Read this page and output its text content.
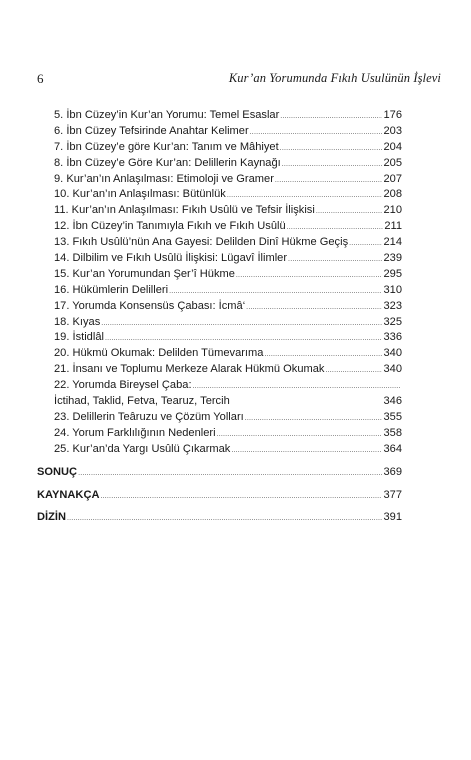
6	Kur’an Yorumunda Fıkıh Usulünün İşlevi
5. İbn Cüzey’in Kur’an Yorumu: Temel Esaslar .....	176
6. İbn Cüzey Tefsirinde Anahtar Kelimer .....	203
7. İbn Cüzey’e göre Kur’an: Tanım ve Mâhiyet .....	204
8. İbn Cüzey’e Göre Kur’an: Delillerin Kaynağı .....	205
9. Kur’an’ın Anlaşılması: Etimoloji ve Gramer .....	207
10. Kur’an’ın Anlaşılması: Bütünlük .....	208
11. Kur’an’ın Anlaşılması: Fıkıh Usûlü ve Tefsir İlişkisi .....	210
12. İbn Cüzey’in Tanımıyla Fıkıh ve Fıkıh Usûlü .....	211
13. Fıkıh Usûlü’nün Ana Gayesi: Delilden Dinî Hükme Geçiş .....	214
14. Dilbilim ve Fıkıh Usûlü İlişkisi: Lügavî İlimler .....	239
15. Kur’an Yorumundan Şer’î Hükme .....	295
16. Hükümlerin Delilleri .....	310
17. Yorumda Konsensüs Çabası: İcmâ‘ .....	323
18. Kıyas .....	325
19. İstidlâl .....	336
20. Hükmü Okumak: Delilden Tümevarıma .....	340
21. İnsanı ve Toplumu Merkeze Alarak Hükmü Okumak .....	340
22. Yorumda Bireysel Çaba:
.....
İctihad, Taklid, Fetva, Tearuz, Tercih	346
23. Delillerin Teâruzu ve Çözüm Yolları .....	355
24. Yorum Farklılığının Nedenleri .....	358
25. Kur’an’da Yargı Usûlü Çıkarmak .....	364
SONUÇ .....	369
KAYNAKÇA .....	377
DİZİN .....	391
